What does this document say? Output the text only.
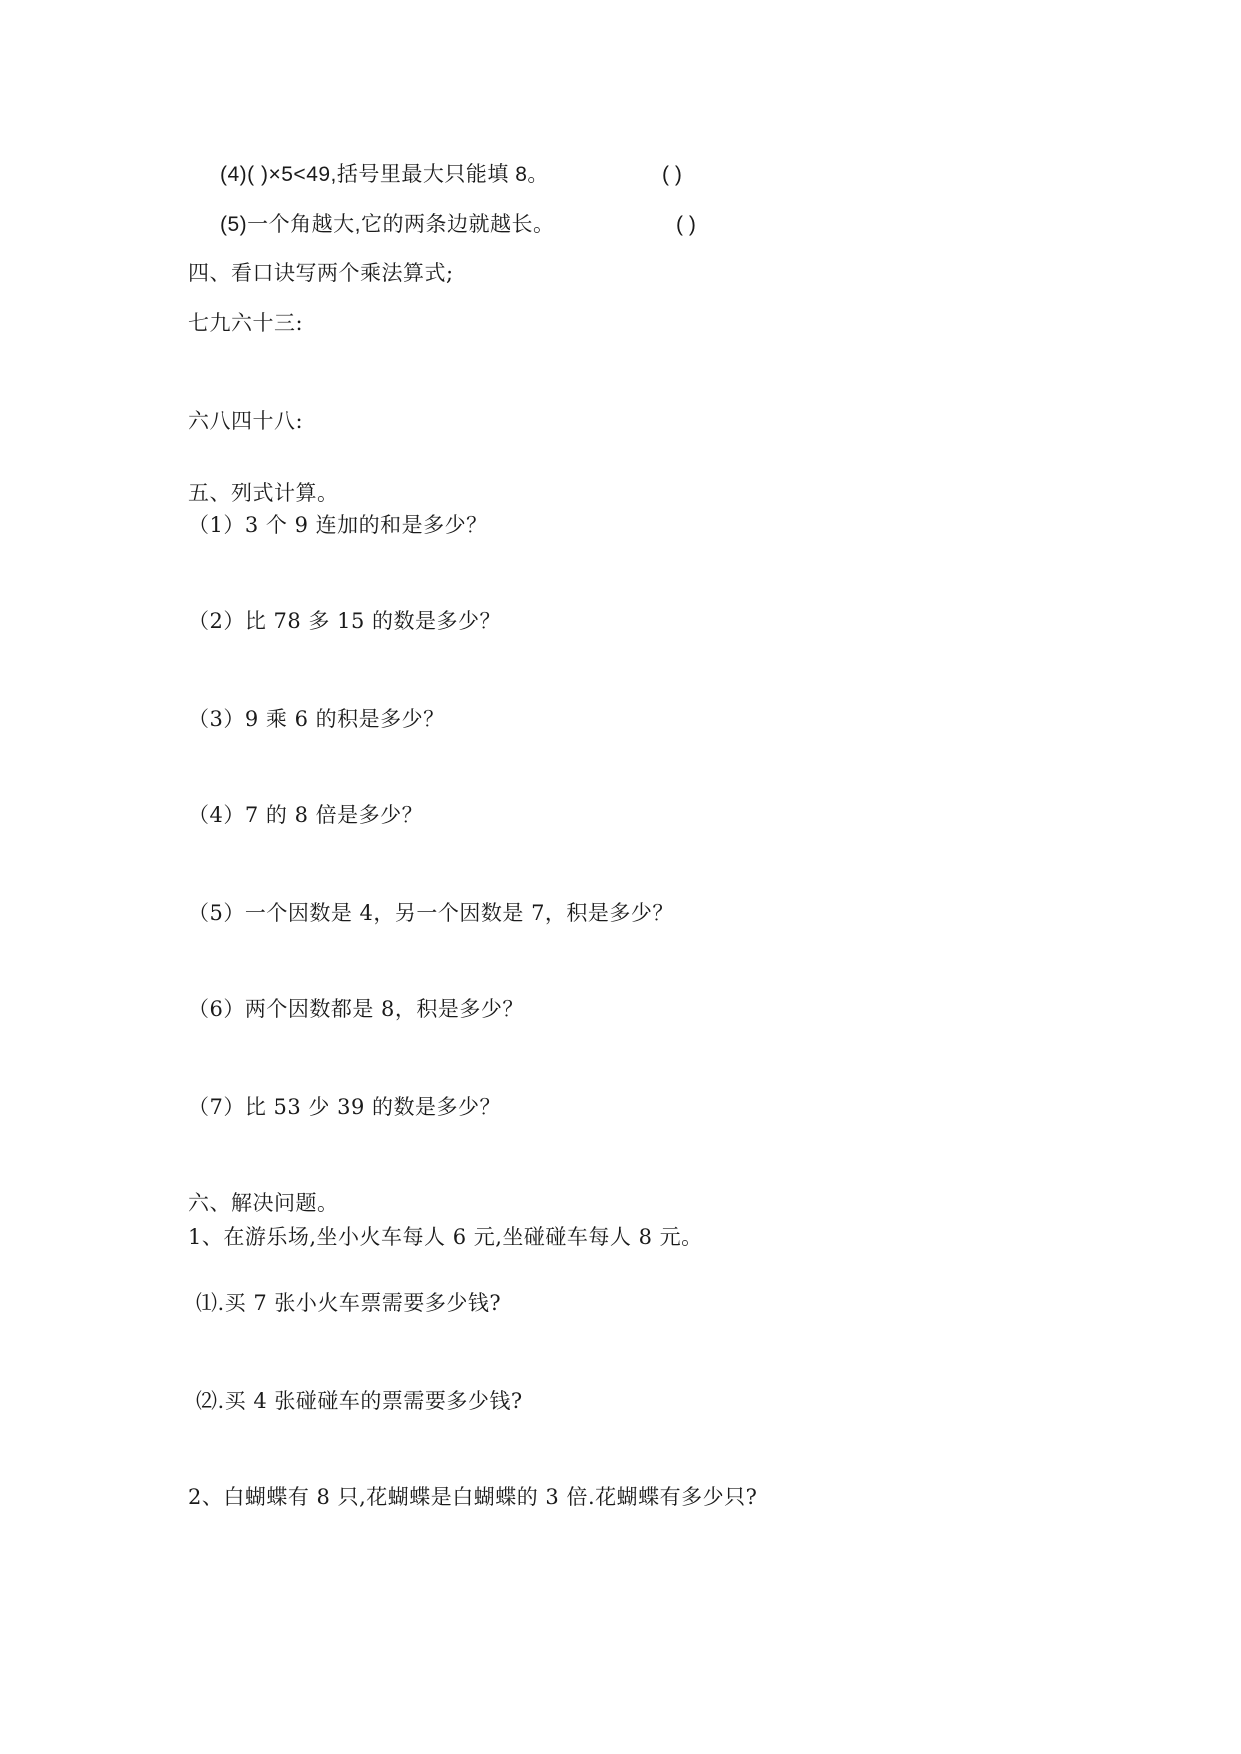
(4)( )×5<49,括号里最大只能填 8。	( )
(5)一个角越大,它的两条边就越长。	( )
四、看口诀写两个乘法算式;
七九六十三:
六八四十八:
五、列式计算。
（1）3 个 9 连加的和是多少？
（2）比 78 多 15 的数是多少？
（3）9 乘 6 的积是多少？
（4）7 的 8 倍是多少？
（5）一个因数是 4，另一个因数是 7，积是多少？
（6）两个因数都是 8，积是多少？
（7）比 53 少 39 的数是多少？
六、解决问题。
1、在游乐场,坐小火车每人 6 元,坐碰碰车每人 8 元。
⑴.买 7 张小火车票需要多少钱?
⑵.买 4 张碰碰车的票需要多少钱?
2、白蝴蝶有 8 只,花蝴蝶是白蝴蝶的 3 倍.花蝴蝶有多少只?
